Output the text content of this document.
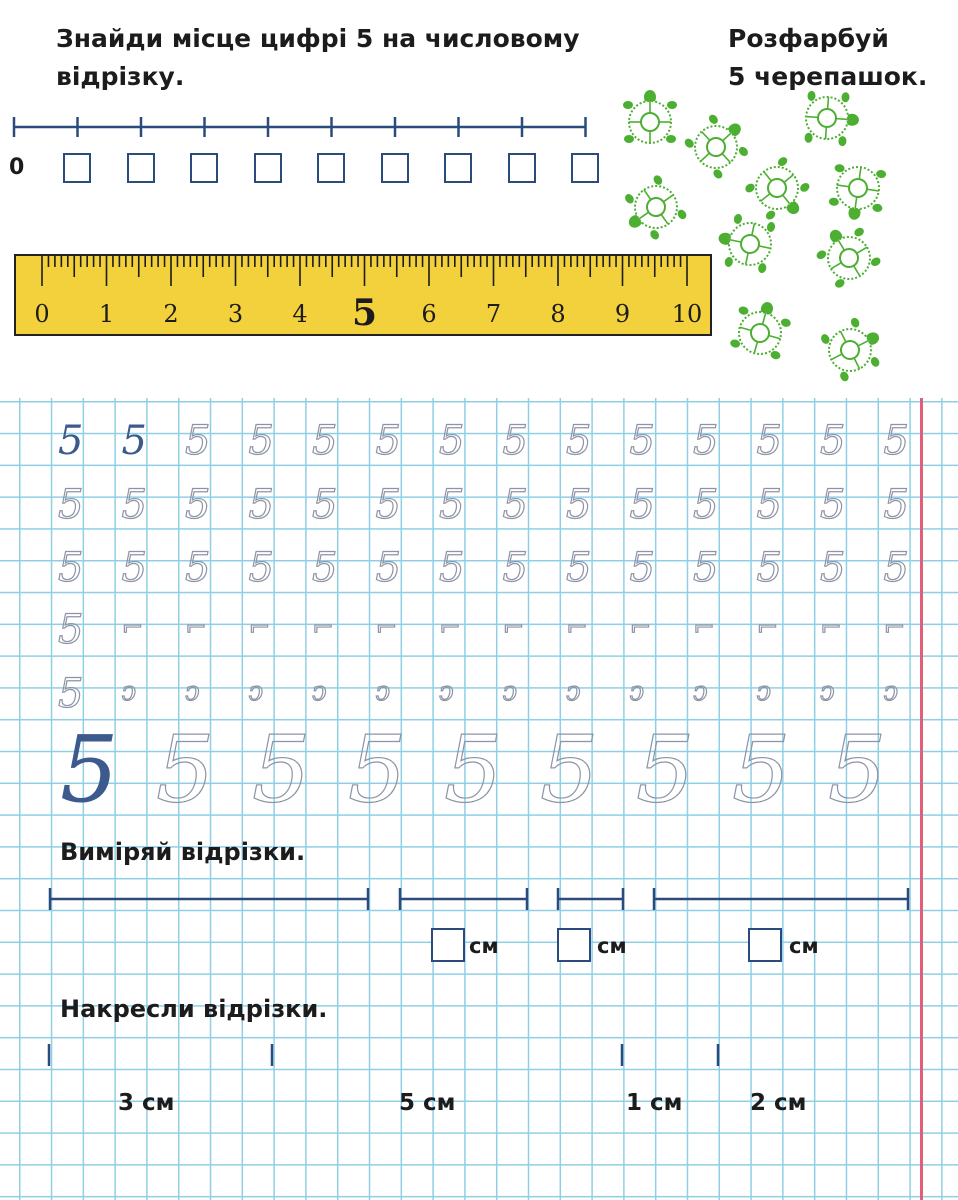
Знайди місце цифрі 5 на числовому
відрізку.
0
Розфарбуй
5 черепашок.
0 1 2 3 4 5 6 7 8 9 10
5 5 5 5 5 5 5 5 5 5 5 5 5 5
5 5 5 5 5 5 5 5 5 5 5 5 5 5
5 5 5 5 5 5 5 5 5 5 5 5 5 5
5 ⌐ ⌐ ⌐ ⌐ ⌐ ⌐ ⌐ ⌐ ⌐ ⌐ ⌐ ⌐ ⌐
5 ↄ ↄ ↄ ↄ ↄ ↄ ↄ ↄ ↄ ↄ ↄ ↄ ↄ
5 5 5 5 5 5 5 5 5
Виміряй відрізки.
см	см	см
Накресли відрізки.
3 см	5 см	1 см	2 см
